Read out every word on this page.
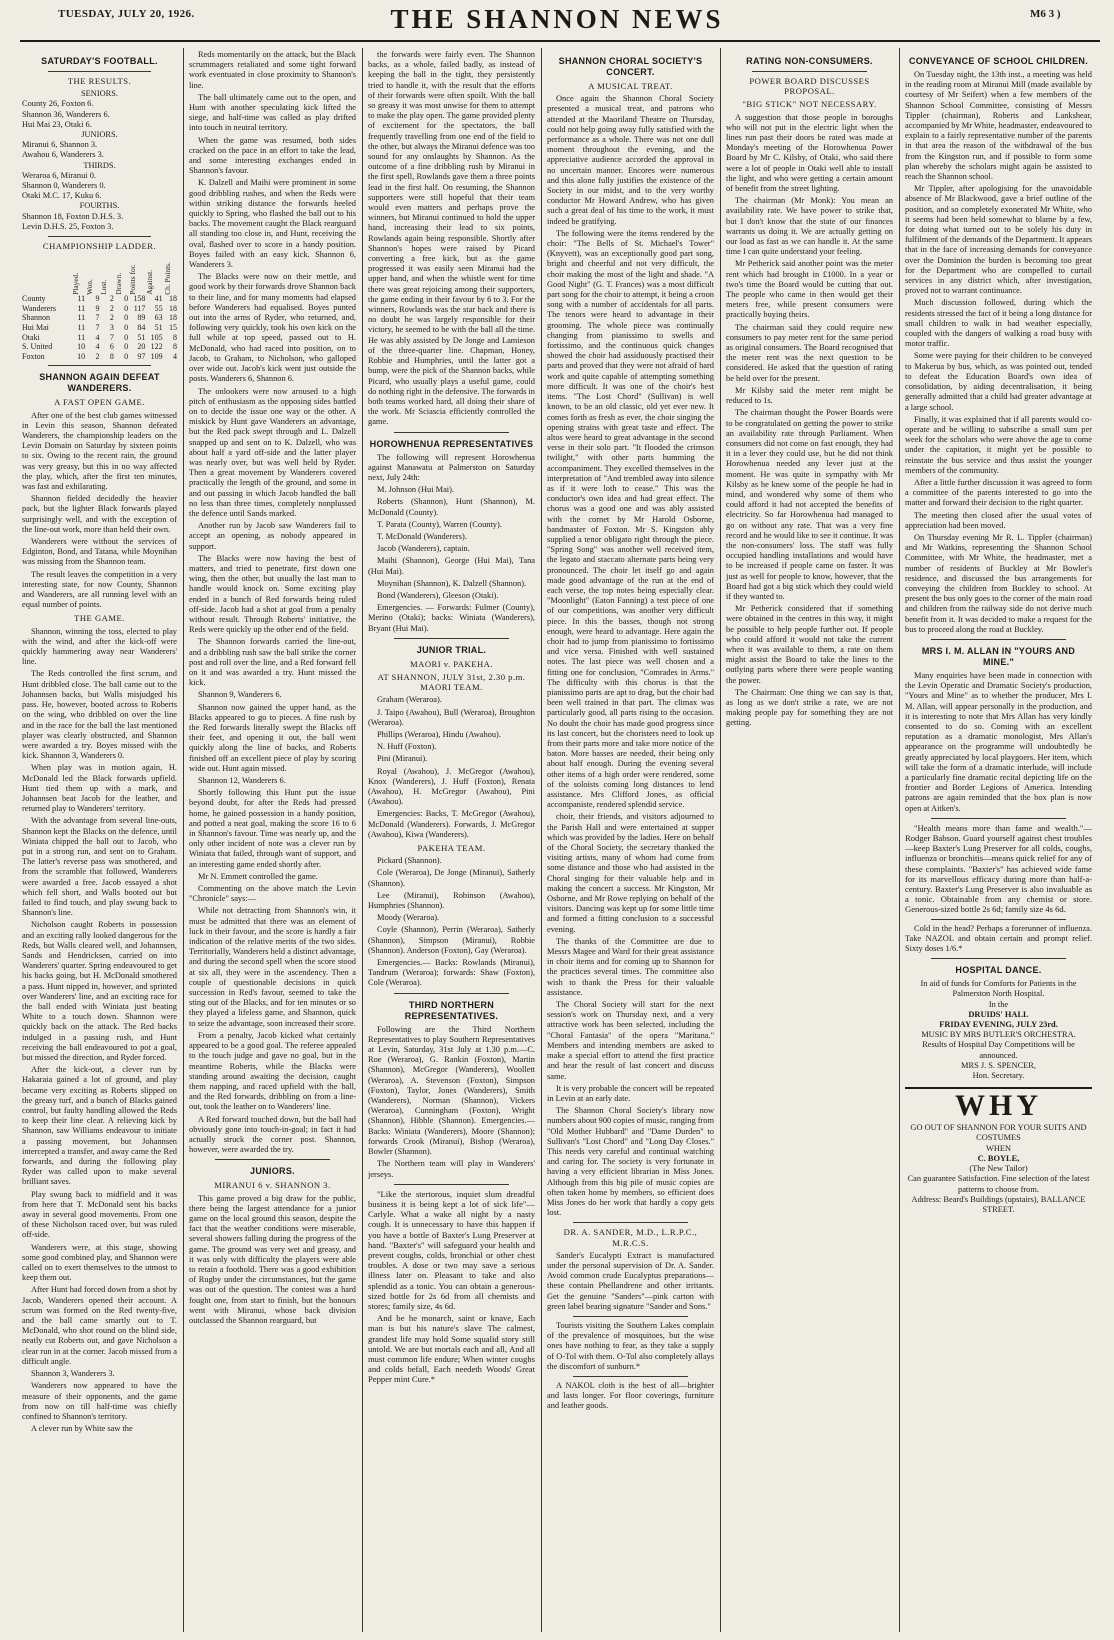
TUESDAY, JULY 20, 1926.	THE SHANNON NEWS	M6 3 )
SATURDAY'S FOOTBALL.
THE RESULTS.

SENIORS.

County 26, Foxton 6.

Shannon 36, Wanderers 6.

Hui Mai 23, Otaki 6.

JUNIORS.

Miranui 6, Shannon 3.

Awahou 6, Wanderers 3.

THIRDS.

Weraroa 6, Miranui 0.

Shannon 0, Wanderers 0.

Otaki M.C. 17, Kuku 6.

FOURTHS.

Shannon 18, Foxton D.H.S. 3.

Levin D.H.S. 25, Foxton 3.

CHAMPIONSHIP LADDER.
	Played.	Won.	Lost.	Drawn.	Points for.	Against.	Ch. Points.
County	11	9	2	0	158	41	18
Wanderers	11	9	2	0	117	55	18
Shannon	11	7	2	0	89	63	18
Hui Mai	11	7	3	0	84	51	15
Otaki	11	4	7	0	51	105	8
S. United	10	4	6	0	20	122	8
Foxton	10	2	8	0	97	109	4
SHANNON AGAIN DEFEAT WANDERERS.
A FAST OPEN GAME.

After one of the best club games witnessed in Levin this season, Shannon defeated Wanderers, the championship leaders on the Levin Domain on Saturday by sixteen points to six. Owing to the recent rain, the ground was very greasy, but this in no way affected the play, which, after the first ten minutes, was fast and exhilarating.

Shannon fielded decidedly the heavier pack, but the lighter Black forwards played surprisingly well, and with the exception of the line-out work, more than held their own.

Wanderers were without the services of Edginton, Bond, and Tatana, while Moynihan was missing from the Shannon team.

The result leaves the competition in a very interesting state, for now County, Shannon and Wanderers, are all running level with an equal number of points.

THE GAME.

Shannon, winning the toss, elected to play with the wind, and after the kick-off were quickly hammering away near Wanderers' line.

The Reds controlled the first scrum, and Hunt dribbled close. The ball came out to the Johannsen backs, but Walls misjudged his pass. He, however, booted across to Roberts on the wing, who dribbled on over the line and in the race for the ball the last mentioned player was clearly obstructed, and Shannon were awarded a try. Boyes missed with the kick. Shannon 3, Wanderers 0.

When play was in motion again, H. McDonald led the Black forwards upfield. Hunt tied them up with a mark, and Johannsen beat Jacob for the leather, and returned play to Wanderers' territory.

With the advantage from several line-outs, Shannon kept the Blacks on the defence, until Winiata chipped the ball out to Jacob, who put in a strong run, and sent on to Graham. The latter's reverse pass was smothered, and from the scramble that followed, Wanderers were awarded a free. Jacob essayed a shot which fell short, and Walls booted out but failed to find touch, and play swung back to Shannon's line.

Nicholson caught Roberts in possession and an exciting rally looked dangerous for the Reds, but Walls cleared well, and Johannsen, Sands and Hendricksen, carried on into Wanderers' quarter. Spring endeavoured to get his backs going, but H. McDonald smothered a pass. Hunt nipped in, however, and sprinted over Wanderers' line, and an exciting race for the ball ended with Winiata just beating White to a touch down. Shannon were quickly back on the attack. The Red backs indulged in a passing rush, and Hunt receiving the ball endeavoured to pot a goal, but missed the direction, and Ryder forced.

After the kick-out, a clever run by Hakaraia gained a lot of ground, and play became very exciting as Roberts slipped on the greasy turf, and a bunch of Blacks gained control, but faulty handling allowed the Reds to keep their line clear. A relieving kick by Shannon, saw Williams endeavour to initiate a passing movement, but Johannsen intercepted a transfer, and away came the Red forwards, and during the following play Ryder was called upon to make several brilliant saves.

Play swung back to midfield and it was from here that T. McDonald sent his backs away in several good movements. From one of these Nicholson raced over, but was ruled off-side.

Wanderers were, at this stage, showing some good combined play, and Shannon were called on to exert themselves to the utmost to keep them out.

After Hunt had forced down from a shot by Jacob, Wanderers opened their account. A scrum was formed on the Red twenty-five, and the ball came smartly out to T. McDonald, who shot round on the blind side, neatly cut Roberts out, and gave Nicholson a clear run in at the corner. Jacob missed from a difficult angle.

Shannon 3, Wanderers 3.

Wanderers now appeared to have the measure of their opponents, and the game from now on till half-time was chiefly confined to Shannon's territory.

A clever run by White saw the

Reds momentarily on the attack, but the Black scrummagers retaliated and some tight forward work eventuated in close proximity to Shannon's line.

The ball ultimately came out to the open, and Hunt with another speculating kick lifted the siege, and half-time was called as play drifted into touch in neutral territory.

When the game was resumed, both sides cracked on the pace in an effort to take the lead, and some interesting exchanges ended in Shannon's favour.

K. Dalzell and Maihi were prominent in some good dribbling rushes, and when the Reds were within striking distance the forwards heeled quickly to Spring, who flashed the ball out to his backs. The movement caught the Black rearguard all standing too close in, and Hunt, receiving the oval, flashed over to score in a handy position. Boyes failed with an easy kick. Shannon 6, Wanderers 3.

The Blacks were now on their mettle, and good work by their forwards drove Shannon back to their line, and for many moments had elapsed before Wanderers had equalised. Boyes punted out into the arms of Ryder, who returned, and, following very quickly, took his own kick on the full while at top speed, passed out to H. McDonald, who had raced into position, on to Jacob, to Graham, to Nicholson, who galloped over wide out. Jacob's kick went just outside the posts. Wanderers 6, Shannon 6.

The onlookers were now aroused to a high pitch of enthusiasm as the opposing sides battled on to decide the issue one way or the other. A miskick by Hunt gave Wanderers an advantage, but the Red pack swept through and L. Dalzell snapped up and sent on to K. Dalzell, who was about half a yard off-side and the latter player was nearly over, but was well held by Ryder. Then a great movement by Wanderers covered practically the length of the ground, and some in and out passing in which Jacob handled the ball no less than three times, completely nonplussed the defence until Sands marked.

Another run by Jacob saw Wanderers fail to accept an opening, as nobody appeared in support.

The Blacks were now having the best of matters, and tried to penetrate, first down one wing, then the other, but usually the last man to handle would knock on. Some exciting play ended in a bunch of Red forwards being ruled off-side. Jacob had a shot at goal from a penalty without result. Through Roberts' initiative, the Reds were quickly up the other end of the field.

The Shannon forwards carried the line-out, and a dribbling rush saw the ball strike the corner post and roll over the line, and a Red forward fell on it and was awarded a try. Hunt missed the kick.

Shannon 9, Wanderers 6.

Shannon now gained the upper hand, as the Blacks appeared to go to pieces. A fine rush by the Red forwards literally swept the Blacks off their feet, and opening it out, the ball went quickly along the line of backs, and Roberts finished off an excellent piece of play by scoring wide out. Hunt again missed.

Shannon 12, Wanderers 6.

Shortly following this Hunt put the issue beyond doubt, for after the Reds had pressed home, he gained possession in a handy position, and potted a neat goal, making the score 16 to 6 in Shannon's favour. Time was nearly up, and the only other incident of note was a clever run by Winiata that failed, through want of support, and an interesting game ended shortly after.

Mr N. Emmett controlled the game.

Commenting on the above match the Levin "Chronicle" says:—

While not detracting from Shannon's win, it must be admitted that there was an element of luck in their favour, and the score is hardly a fair indication of the relative merits of the two sides. Territorially, Wanderers held a distinct advantage, and during the second spell when the score stood at six all, they were in the ascendency. Then a couple of questionable decisions in quick succession in Red's favour, seemed to take the sting out of the Blacks, and for ten minutes or so they played a lifeless game, and Shannon, quick to seize the advantage, soon increased their score.

From a penalty, Jacob kicked what certainly appeared to be a good goal. The referee appealed to the touch judge and gave no goal, but in the meantime Roberts, while the Blacks were standing around awaiting the decision, caught them napping, and raced upfield with the ball, and the Red forwards, dribbling on from a line-out, took the leather on to Wanderers' line.

A Red forward touched down, but the ball had obviously gone into touch-in-goal; in fact it had actually struck the corner post. Shannon, however, were awarded the try.

JUNIORS.
MIRANUI 6 v. SHANNON 3.

This game proved a big draw for the public, there being the largest attendance for a junior game on the local ground this season, despite the fact that the weather conditions were miserable, several showers falling during the progress of the game. The ground was very wet and greasy, and it was only with difficulty the players were able to retain a foothold. There was a good exhibition of Rugby under the circumstances, but the game was out of the question. The contest was a hard fought one, from start to finish, but the honours went with Miranui, whose back division outclassed the Shannon rearguard, but

the forwards were fairly even. The Shannon backs, as a whole, failed badly, as instead of keeping the ball in the tight, they persistently tried to handle it, with the result that the efforts of their forwards were often spoilt. With the ball so greasy it was most unwise for them to attempt to make the play open. The game provided plenty of excitement for the spectators, the ball frequently travelling from one end of the field to the other, but always the Miranui defence was too sound for any onslaughts by Shannon. As the outcome of a fine dribbling rush by Miranui in the first spell, Rowlands gave them a three points lead in the first half. On resuming, the Shannon supporters were still hopeful that their team would even matters and perhaps prove the winners, but Miranui continued to hold the upper hand, increasing their lead to six points, Rowlands again being responsible. Shortly after Shannon's hopes were raised by Picard converting a free kick, but as the game progressed it was easily seen Miranui had the upper hand, and when the whistle went for time there was great rejoicing among their supporters, the game ending in their favour by 6 to 3. For the winners, Rowlands was the star back and there is no doubt he was largely responsible for their victory, he seemed to be with the ball all the time. He was ably assisted by De Jonge and Lamieson of the three-quarter line. Chapman, Honey, Robbie and Humphries, until the latter got a bump, were the pick of the Shannon backs, while Picard, who usually plays a useful game, could do nothing right in the defensive. The forwards in both teams worked hard, all doing their share of the work. Mr Sciascia efficiently controlled the game.

HOROWHENUA REPRESENTATIVES

The following will represent Horowhenua against Manawatu at Palmerston on Saturday next, July 24th:

M. Johnson (Hui Mai).

Roberts (Shannon), Hunt (Shannon), M. McDonald (County).

T. Parata (County), Warren (County).

T. McDonald (Wanderers).

Jacob (Wanderers), captain.

Maihi (Shannon), George (Hui Mai), Tana (Hui Mai).

Moynihan (Shannon), K. Dalzell (Shannon).

Bond (Wanderers), Gleeson (Otaki).

Emergencies. — Forwards: Fulmer (County), Merino (Otaki); backs: Winiata (Wanderers), Bryant (Hui Mai).

JUNIOR TRIAL.
MAORI v. PAKEHA.
AT SHANNON, JULY 31st, 2.30 p.m. MAORI TEAM.

Graham (Weraroa).

J. Taipo (Awahou), Bull (Weraroa), Broughton (Weraroa).

Phillips (Weraroa), Hindu (Awahou).

N. Huff (Foxton).

Pini (Miranui).

Royal (Awahou), J. McGregor (Awahou), Knox (Wanderers), J. Huff (Foxton), Renata (Awahou), H. McGregor (Awahou), Pini (Awahou).

Emergencies: Backs, T. McGregor (Awahou), McDonald (Wanderers). Forwards, J. McGregor (Awahou), Kiwa (Wanderers).

PAKEHA TEAM.

Pickard (Shannon).

Cole (Weraroa), De Jonge (Miranui), Satherly (Shannon).

Lee (Miranui), Robinson (Awahou), Humphries (Shannon).

Moody (Weraroa).

Coyle (Shannon), Perrin (Weraroa), Satherly (Shannon), Simpson (Miranui), Robbie (Shannon). Anderson (Foxton), Gay (Weraroa).

Emergencies.— Backs: Rowlands (Miranui), Tandrum (Weraroa); forwards: Shaw (Foxton), Cole (Weraroa).

THIRD NORTHERN REPRESENTATIVES.

Following are the Third Northern Representatives to play Southern Representatives at Levin, Saturday, 31st July at 1.30 p.m.—C. Roe (Weraroa), G. Rankin (Foxton), Martin (Shannon), McGregor (Wanderers), Woollett (Weraroa), A. Stevenson (Foxton), Simpson (Foxton), Taylor, Jones (Wanderers), Smith (Wanderers), Norman (Shannon), Vickers (Weraroa), Cunningham (Foxton), Wright (Shannon), Hibble (Shannon). Emergencies.— Backs: Winiata (Wanderers), Moore (Shannon); forwards Crook (Miranui), Bishop (Weraroa), Bowler (Shannon).

The Northern team will play in Wanderers' jerseys.

"Like the stertorous, inquiet slum dreadful business it is being kept a lot of sick life"—Carlyle. What a wake all night by a nasty cough. It is unnecessary to have this happen if you have a bottle of Baxter's Lung Preserver at hand. "Baxter's" will safeguard your health and prevent coughs, colds, bronchial or other chest troubles. A dose or two may save a serious illness later on. Pleasant to take and also splendid as a tonic. You can obtain a generous-sized bottle for 2s 6d from all chemists and stores; family size, 4s 6d.

And be he monarch, saint or knave, Each man is but his nature's slave The calmest, grandest life may hold Some squalid story still untold. We are but mortals each and all, And all must common life endure; When winter coughs and colds befall, Each needeth Woods' Great Pepper mint Cure.*

SHANNON CHORAL SOCIETY'S CONCERT.
A MUSICAL TREAT.

Once again the Shannon Choral Society presented a musical treat, and patrons who attended at the Maoriland Theatre on Thursday, could not help going away fully satisfied with the performance as a whole. There was not one dull moment throughout the evening, and the appreciative audience accorded the approval in no uncertain manner. Encores were numerous and this alone fully justifies the existence of the Society in our midst, and to the very worthy conductor Mr Howard Andrew, who has given such a great deal of his time to the work, it must indeed be gratifying.

The following were the items rendered by the choir: "The Bells of St. Michael's Tower" (Knyvett), was an exceptionally good part song, bright and cheerful and not very difficult, the choir making the most of the light and shade. "A Good Night" (G. T. Frances) was a most difficult part song for the choir to attempt, it being a croon song with a number of accidentals for all parts. The tenors were heard to advantage in their grooming. The whole piece was continually changing from pianissimo to swells and fortissimo, and the continuous quick changes showed the choir had assiduously practised their parts and proved that they were not afraid of hard work and quite capable of attempting something more difficult. It was one of the choir's best items. "The Lost Chord" (Sullivan) is well known, to be an old classic, old yet ever new. It comes forth as fresh as ever, the choir singing the opening strains with great taste and effect. The altos were heard to great advantage in the second verse in their solo part. "It flooded the crimson twilight," with other parts humming the accompaniment. They excelled themselves in the interpretation of "And trembled away into silence as if it were loth to cease." This was the conductor's own idea and had great effect. The chorus was a good one and was ably assisted with the cornet by Mr Harold Osborne, bandmaster of Foxton. Mr S. Kingston ably supplied a tenor obligato right through the piece. "Spring Song" was another well received item, the legato and staccato alternate parts being very pronounced. The choir let itself go and again made good advantage of the run at the end of each verse, the top notes being especially clear. "Moonlight" (Eaton Fanning) a test piece of one of our competitions, was another very difficult piece. In this the basses, though not strong enough, were heard to advantage. Here again the choir had to jump from pianissimo to fortissimo and vice versa. Finished with well sustained notes. The last piece was well chosen and a fitting one for conclusion, "Comrades in Arms." The difficulty with this chorus is that the pianissimo parts are apt to drag, but the choir had been well trained in that part. The climax was particularly good, all parts rising to the occasion. No doubt the choir has made good progress since its last concert, but the choristers need to look up from their parts more and take more notice of the baton. More basses are needed, their being only about half enough. During the evening several other items of a high order were rendered, some of the soloists coming long distances to lend assistance. Mrs Clifford Jones, as official accompaniste, rendered splendid service.

choir, their friends, and visitors adjourned to the Parish Hall and were entertained at supper which was provided by the ladies. Here on behalf of the Choral Society, the secretary thanked the visiting artists, many of whom had come from some distance and those who had assisted in the Choral singing for their valuable help and in making the concert a success. Mr Kingston, Mr Osborne, and Mr Rowe replying on behalf of the visitors. Dancing was kept up for some little time and formed a fitting conclusion to a successful evening.

The thanks of the Committee are due to Messrs Magee and Ward for their great assistance in choir items and for coming up to Shannon for the practices several times. The committee also wish to thank the Press for their valuable assistance.

The Choral Society will start for the next session's work on Thursday next, and a very attractive work has been selected, including the "Choral Fantasia" of the opera "Maritana." Members and intending members are asked to make a special effort to attend the first practice and hear the result of last concert and discuss same.

It is very probable the concert will be repeated in Levin at an early date.

The Shannon Choral Society's library now numbers about 900 copies of music, ranging from "Old Mother Hubbard" and "Dame Durden" to Sullivan's "Lost Chord" and "Long Day Closes." This needs very careful and continual watching and caring for. The society is very fortunate in having a very efficient librarian in Miss Jones. Although from this big pile of music copies are often taken home by members, so efficient does Miss Jones do her work that hardly a copy gets lost.

DR. A. SANDER, M.D., L.R.P.C., M.R.C.S.

Sander's Eucalypti Extract is manufactured under the personal supervision of Dr. A. Sander. Avoid common crude Eucalyptus preparations—these contain Phellandrene and other irritants. Get the genuine "Sanders"—pink carton with green label bearing signature "Sander and Sons."

Tourists visiting the Southern Lakes complain of the prevalence of mosquitoes, but the wise ones have nothing to fear, as they take a supply of O-Tol with them. O-Tol also completely allays the discomfort of sunburn.*

A NAKOL cloth is the best of all—brighter and lasts longer. For floor coverings, furniture and leather goods.

RATING NON-CONSUMERS.
POWER BOARD DISCUSSES PROPOSAL.
"BIG STICK" NOT NECESSARY.

A suggestion that those people in boroughs who will not put in the electric light when the lines run past their doors be rated was made at Monday's meeting of the Horowhenua Power Board by Mr C. Kilsby, of Otaki, who said there were a lot of people in Otaki well able to install the light, and who were getting a certain amount of benefit from the street lighting.

The chairman (Mr Monk): You mean an availability rate. We have power to strike that, but I don't know that the state of our finances warrants us doing it. We are actually getting on our load as fast as we can handle it. At the same time I can quite understand your feeling.

Mr Petherick said another point was the meter rent which had brought in £1000. In a year or two's time the Board would be cutting that out. The people who came in then would get their meters free, while present consumers were practically buying theirs.

The chairman said they could require new consumers to pay meter rent for the same period as original consumers. The Board recognised that the meter rent was the next question to be considered. He asked that the question of rating be held over for the present.

Mr Kilsby said the meter rent might be reduced to 1s.

The chairman thought the Power Boards were to be congratulated on getting the power to strike an availability rate through Parliament. When consumers did not come on fast enough, they had it in a lever they could use, but he did not think Horowhenua needed any lever just at the moment. He was quite in sympathy with Mr Kilsby as he knew some of the people he had in mind, and wondered why some of them who could afford it had not accepted the benefits of electricity. So far Horowhenua had managed to go on without any rate. That was a very fine record and he would like to see it continue. It was the non-consumers' loss. The staff was fully occupied handling installations and would have to be increased if people came on faster. It was just as well for people to know, however, that the Board had got a big stick which they could wield if they wanted to.

Mr Petherick considered that if something were obtained in the centres in this way, it might be possible to help people further out. If people who could afford it would not take the current when it was available to them, a rate on them might assist the Board to take the lines to the outlying parts where there were people wanting the power.

The Chairman: One thing we can say is that, as long as we don't strike a rate, we are not making people pay for something they are not getting.

CONVEYANCE OF SCHOOL CHILDREN.

On Tuesday night, the 13th inst., a meeting was held in the reading room at Miranui Mill (made available by courtesy of Mr Seifert) when a few members of the Shannon School Committee, consisting of Messrs Tippler (chairman), Roberts and Lankshear, accompanied by Mr White, headmaster, endeavoured to explain to a fairly representative number of the parents in that area the reason of the withdrawal of the bus from the Kingston run, and if possible to form some plan whereby the scholars might again be assisted to reach the Shannon school.

Mr Tippler, after apologising for the unavoidable absence of Mr Blackwood, gave a brief outline of the position, and so completely exonerated Mr White, who it seems had been held somewhat to blame by a few, for doing what turned out to be solely his duty in fulfilment of the demands of the Department. It appears that in the face of increasing demands for conveyance over the Dominion the burden is becoming too great for the Department who are compelled to curtail services in any district which, after investigation, proved not to warrant continuance.

Much discussion followed, during which the residents stressed the fact of it being a long distance for small children to walk in bad weather especially, coupled with the dangers of walking a road busy with motor traffic.

Some were paying for their children to be conveyed to Makerua by bus, which, as was pointed out, tended to defeat the Education Board's own idea of consolidation, by aiding decentralisation, it being generally admitted that a child had greater advantage at a large school.

Finally, it was explained that if all parents would co-operate and be willing to subscribe a small sum per week for the scholars who were above the age to come under the capitation, it might yet be possible to reinstate the bus service and thus assist the younger members of the community.

After a little further discussion it was agreed to form a committee of the parents interested to go into the matter and forward their decision to the right quarter.

The meeting then closed after the usual votes of appreciation had been moved.

On Thursday evening Mr R. L. Tippler (chairman) and Mr Watkins, representing the Shannon School Committee, with Mr White, the headmaster, met a number of residents of Buckley at Mr Bowler's residence, and discussed the bus arrangements for conveying the children from Buckley to school. At present the bus only goes to the corner of the main road and children from the railway side do not derive much benefit from it. It was decided to make a request for the bus to proceed along the road at Buckley.

MRS I. M. ALLAN IN "YOURS AND MINE."

Many enquiries have been made in connection with the Levin Operatic and Dramatic Society's production, "Yours and Mine" as to whether the producer, Mrs I. M. Allan, will appear personally in the production, and it is interesting to note that Mrs Allan has very kindly consented to do so. Coming with an excellent reputation as a dramatic monologist, Mrs Allan's appearance on the programme will undoubtedly be greatly appreciated by local playgoers. Her item, which will take the form of a dramatic interlude, will include a particularly fine dramatic recital depicting life on the frontier and Border Legions of America. Intending patrons are again reminded that the box plan is now open at Aitken's.

"Health means more than fame and wealth."—Rodger Babson. Guard yourself against chest troubles—keep Baxter's Lung Preserver for all colds, coughs, influenza or bronchitis—means quick relief for any of these complaints. "Baxter's" has achieved wide fame for its marvellous efficacy during more than half-a-century. Baxter's Lung Preserver is also invaluable as a tonic. Obtainable from any chemist or store. Generous-sized bottle 2s 6d; family size 4s 6d.

Cold in the head? Perhaps a forerunner of influenza. Take NAZOL and obtain certain and prompt relief. Sixty doses 1/6.*

HOSPITAL DANCE.

In aid of funds for Comforts for Patients in the Palmerston North Hospital.

In the

DRUIDS' HALL

FRIDAY EVENING, JULY 23rd.

MUSIC BY MRS BUTLER'S ORCHESTRA.

Results of Hospital Day Competitions will be announced.

MRS J. S. SPENCER,

Hon. Secretary.

WHY

GO OUT OF SHANNON FOR YOUR SUITS AND COSTUMES

WHEN

C. BOYLE,

(The New Tailor)

Can guarantee Satisfaction. Fine selection of the latest patterns to choose from.

Address: Beard's Buildings (upstairs), BALLANCE STREET.
